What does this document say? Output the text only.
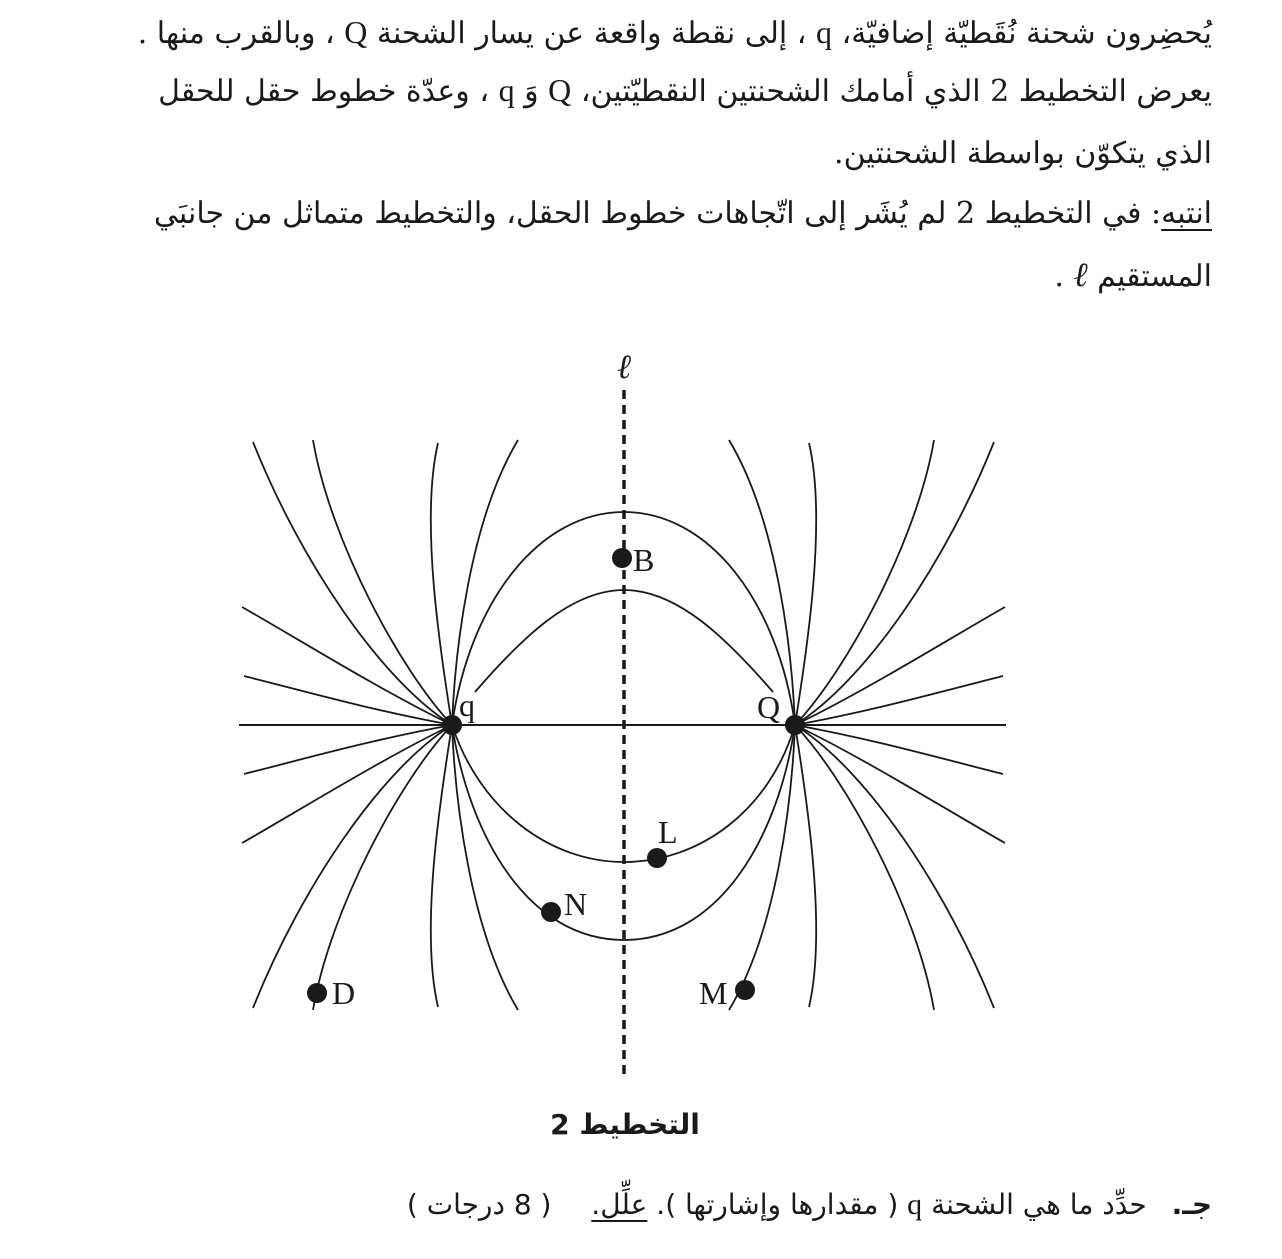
يُحضِرون شحنة نُقَطيّة إضافيّة، q ، إلى نقطة واقعة عن يسار الشحنة Q ، وبالقرب منها .
يعرض التخطيط 2 الذي أمامك الشحنتين النقطيّتين، Q وَ q ، وعدّة خطوط حقل للحقل
الذي يتكوّن بواسطة الشحنتين.
انتبه: في التخطيط 2 لم يُشَر إلى اتّجاهات خطوط الحقل، والتخطيط متماثل من جانبَي
المستقيم ℓ .
ℓ
q	Q
B
L
N
D	M
التخطيط 2
جـ. حدِّد ما هي الشحنة q ( مقدارها وإشارتها ). علِّل.  ( 8 درجات )
